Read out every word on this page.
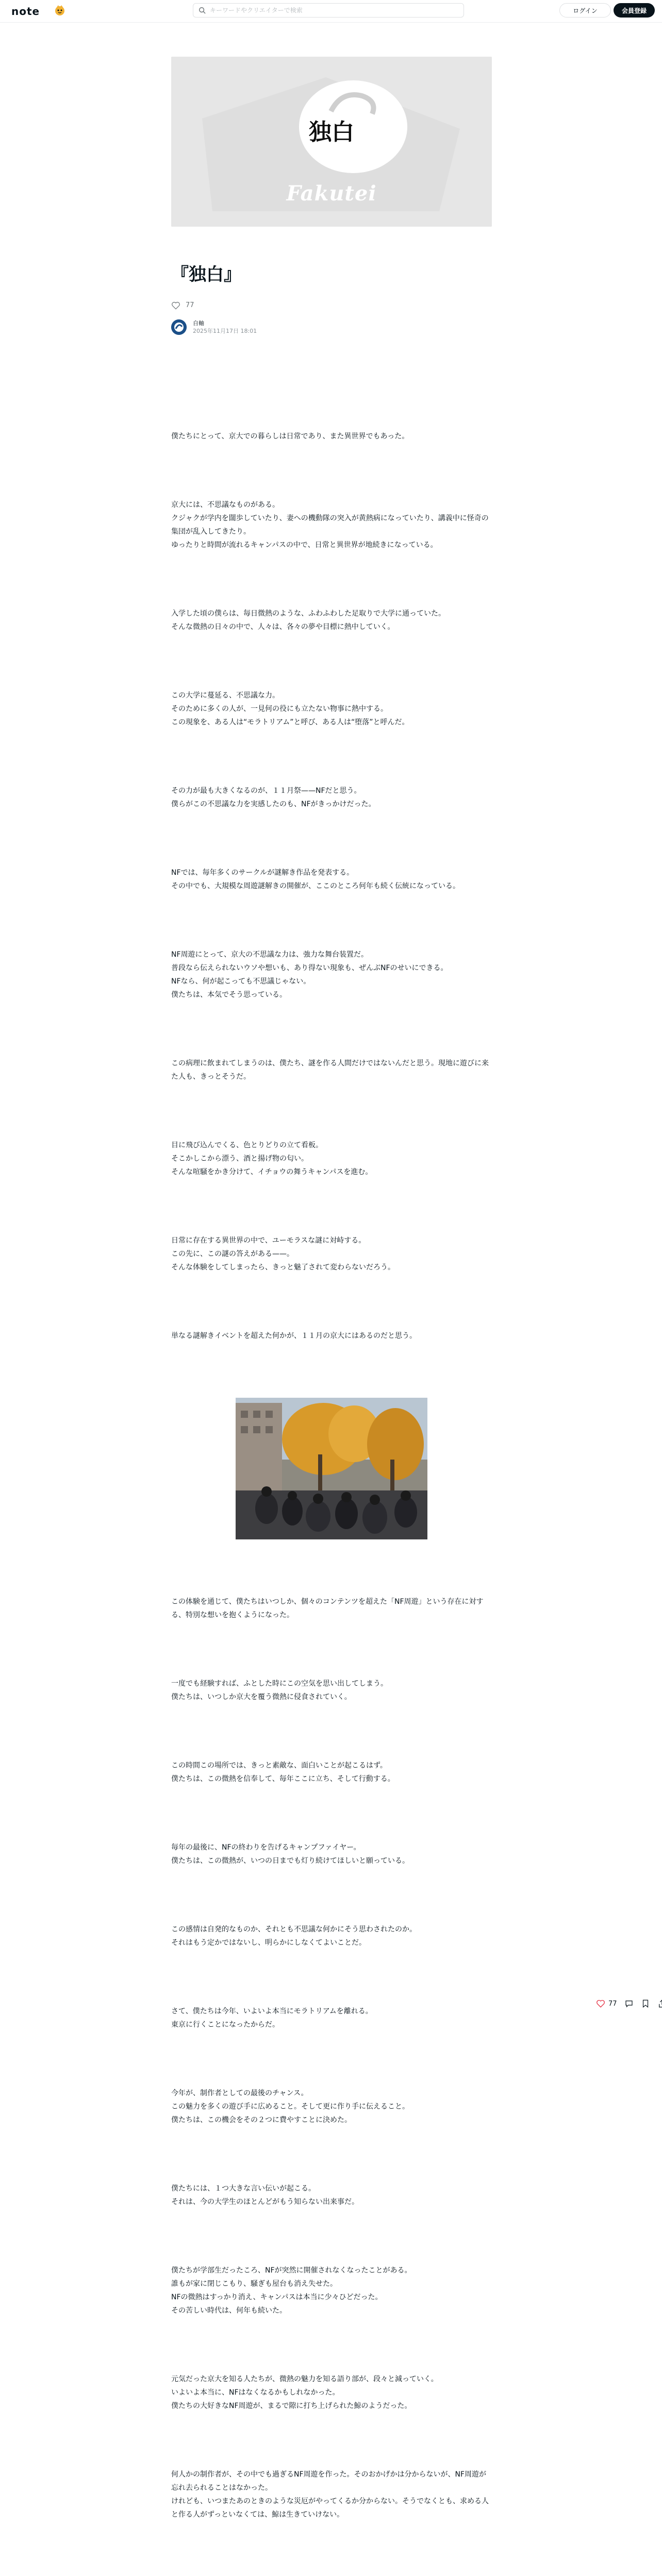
note
キーワードやクリエイターで検索	ログイン	会員登録
独白
Fakutei
『独白』
77
自軸
2025年11月17日 18:01

僕たちにとって、京大での暮らしは日常であり、また異世界でもあった。

京大には、不思議なものがある。
クジャクが学内を闊歩していたり、妻への機動隊の突入が黄熱病になっていたり、講義中に怪奇の集団が乱入してきたり。
ゆったりと時間が流れるキャンパスの中で、日常と異世界が地続きになっている。

入学した頃の僕らは、毎日微熱のような、ふわふわした足取りで大学に通っていた。
そんな微熱の日々の中で、人々は、各々の夢や目標に熱中していく。

この大学に蔓延る、不思議な力。
そのために多くの人が、一見何の役にも立たない物事に熱中する。
この現象を、ある人は“モラトリアム”と呼び、ある人は“堕落”と呼んだ。

その力が最も大きくなるのが、１１月祭——NFだと思う。
僕らがこの不思議な力を実感したのも、NFがきっかけだった。

NFでは、毎年多くのサークルが謎解き作品を発表する。
その中でも、大規模な周遊謎解きの開催が、ここのところ何年も続く伝統になっている。

NF周遊にとって、京大の不思議な力は、強力な舞台装置だ。
普段なら伝えられないウソや想いも、あり得ない現象も、ぜんぶNFのせいにできる。
NFなら、何が起こっても不思議じゃない。
僕たちは、本気でそう思っている。

この病理に飲まれてしまうのは、僕たち、謎を作る人間だけではないんだと思う。現地に遊びに来た人も、きっとそうだ。

目に飛び込んでくる、色とりどりの立て看板。
そこかしこから漂う、酒と揚げ物の匂い。
そんな喧騒をかき分けて、イチョウの舞うキャンパスを進む。

日常に存在する異世界の中で、ユーモラスな謎に対峙する。
この先に、この謎の答えがある——。
そんな体験をしてしまったら、きっと魅了されて変わらないだろう。

単なる謎解きイベントを超えた何かが、１１月の京大にはあるのだと思う。

この体験を通じて、僕たちはいつしか、個々のコンテンツを超えた「NF周遊」という存在に対する、特別な想いを抱くようになった。

一度でも経験すれば、ふとした時にこの空気を思い出してしまう。
僕たちは、いつしか京大を覆う微熱に侵食されていく。

この時間この場所では、きっと素敵な、面白いことが起こるはず。
僕たちは、この微熱を信奉して、毎年ここに立ち、そして行動する。

毎年の最後に、NFの終わりを告げるキャンプファイヤー。
僕たちは、この微熱が、いつの日までも灯り続けてほしいと願っている。

この感情は自発的なものか、それとも不思議な何かにそう思わされたのか。
それはもう定かではないし、明らかにしなくてよいことだ。

さて、僕たちは今年、いよいよ本当にモラトリアムを離れる。
東京に行くことになったからだ。

今年が、制作者としての最後のチャンス。
この魅力を多くの遊び手に広めること。そして更に作り手に伝えること。
僕たちは、この機会をその２つに費やすことに決めた。

僕たちには、１つ大きな言い伝いが起こる。
それは、今の大学生のほとんどがもう知らない出来事だ。

僕たちが学部生だったころ、NFが突然に開催されなくなったことがある。
誰もが家に閉じこもり、騒ぎも屋台も消え失せた。
NFの微熱はすっかり消え、キャンパスは本当に少々ひどだった。
その苦しい時代は、何年も続いた。

元気だった京大を知る人たちが、微熱の魅力を知る語り部が、段々と減っていく。
いよいよ本当に、NFはなくなるかもしれなかった。
僕たちの大好きなNF周遊が、まるで隙に打ち上げられた鯨のようだった。

何人かの制作者が、その中でも過ぎるNF周遊を作った。そのおかげかは分からないが、NF周遊が忘れ去られることはなかった。
けれども、いつまたあのときのような災厄がやってくるか分からない。そうでなくとも、求める人と作る人がずっといなくては、鯨は生きていけない。

77
